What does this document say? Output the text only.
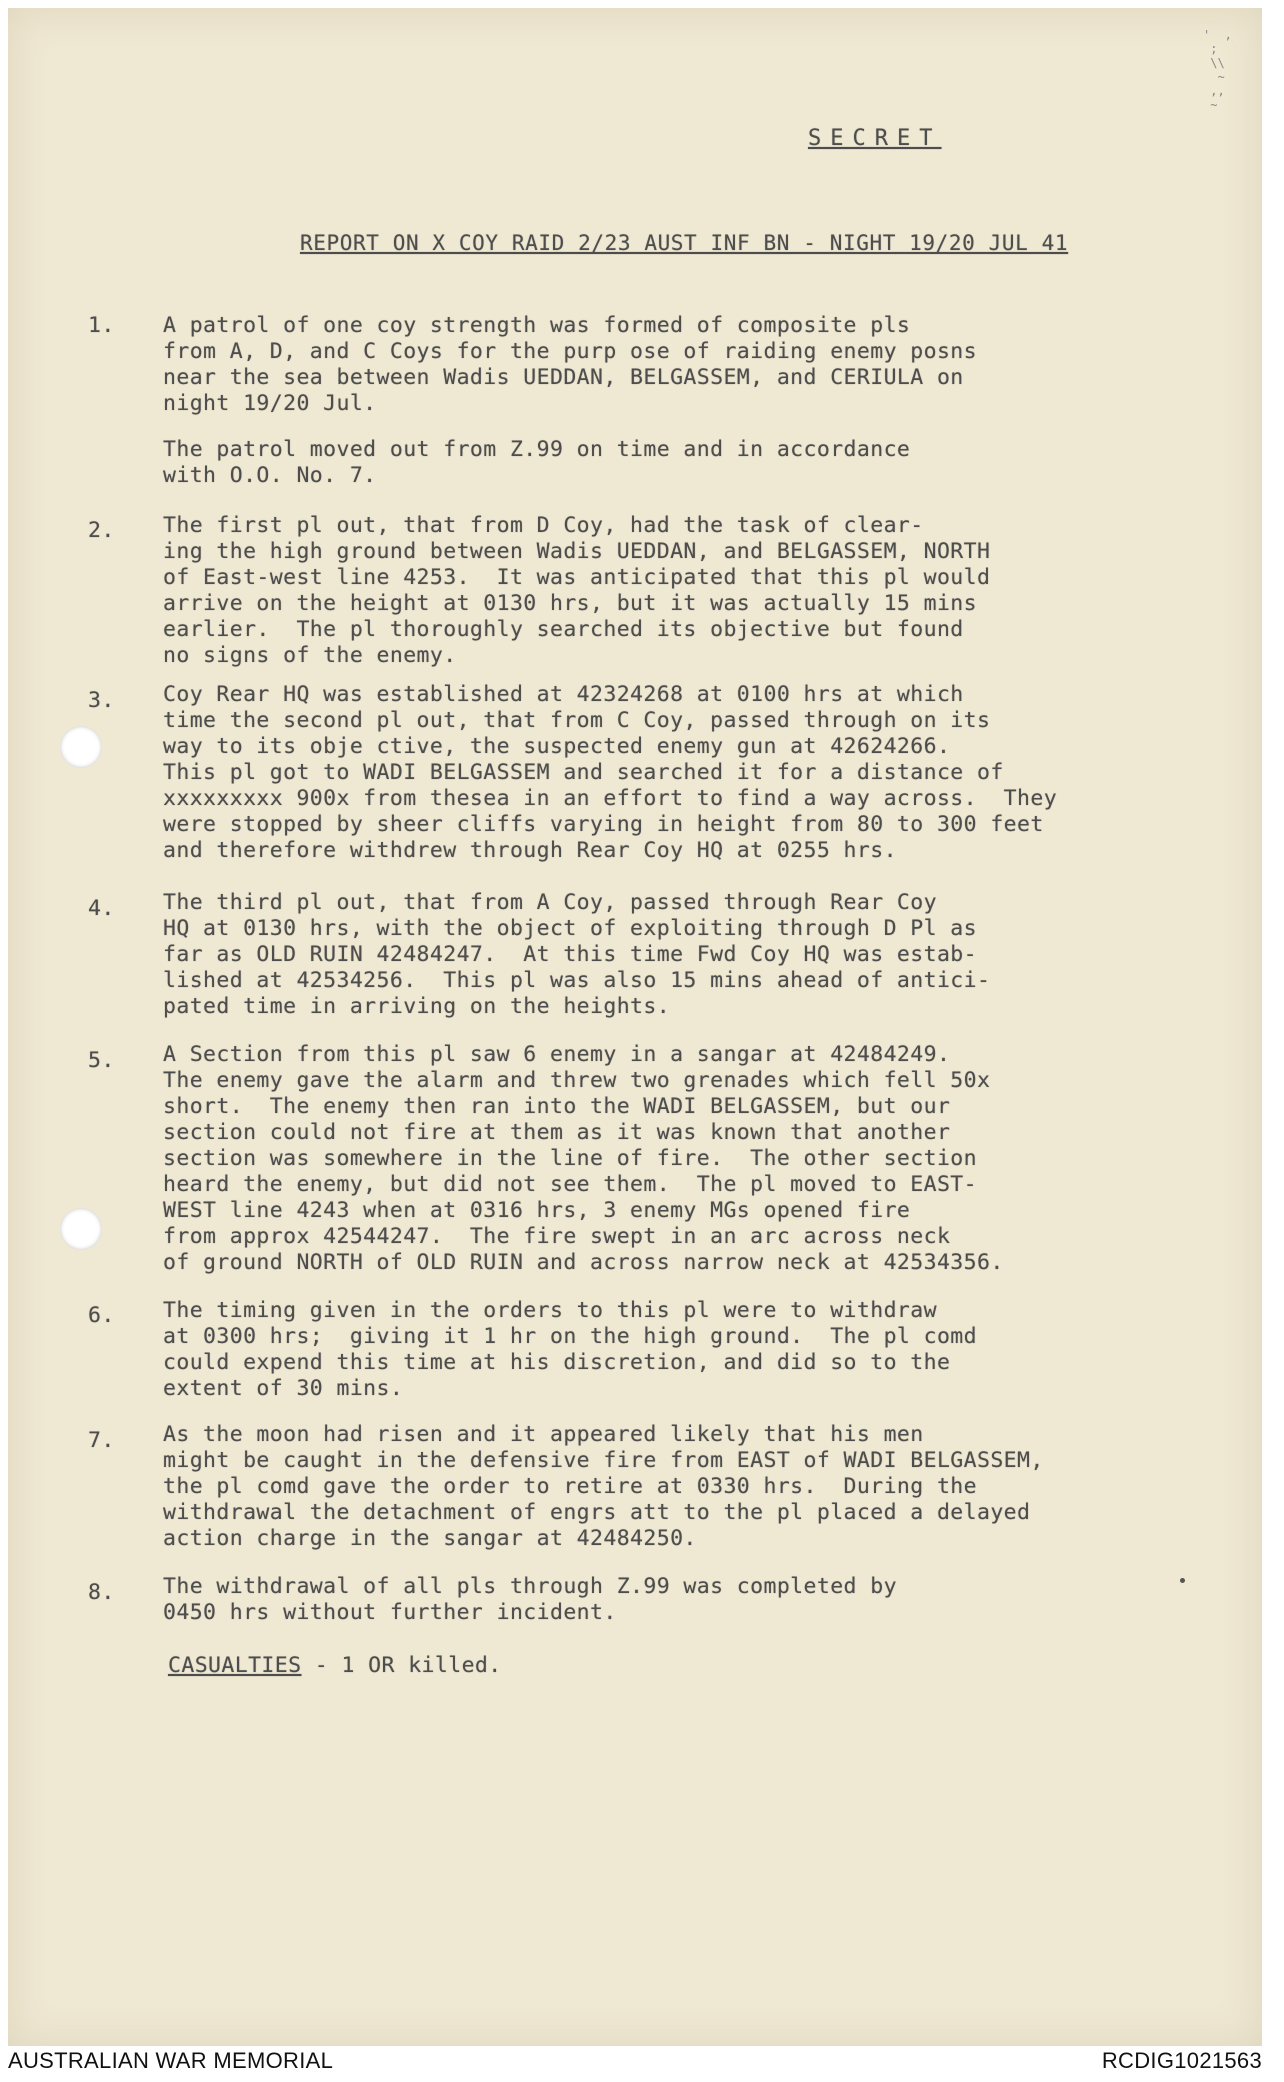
'  ,
;
\\
~
,,
~
SECRET
REPORT ON X COY RAID 2/23 AUST INF BN - NIGHT 19/20 JUL 41
1. A patrol of one coy strength was formed of composite pls
from A, D, and C Coys for the purp ose of raiding enemy posns
near the sea between Wadis UEDDAN, BELGASSEM, and CERIULA on
night 19/20 Jul.
The patrol moved out from Z.99 on time and in accordance
with O.O. No. 7.
2. The first pl out, that from D Coy, had the task of clear-
ing the high ground between Wadis UEDDAN, and BELGASSEM, NORTH
of East-west line 4253.  It was anticipated that this pl would
arrive on the height at 0130 hrs, but it was actually 15 mins
earlier.  The pl thoroughly searched its objective but found
no signs of the enemy.
3. Coy Rear HQ was established at 42324268 at 0100 hrs at which
time the second pl out, that from C Coy, passed through on its
way to its obje ctive, the suspected enemy gun at 42624266.
This pl got to WADI BELGASSEM and searched it for a distance of
xxxxxxxxx 900x from thesea in an effort to find a way across.  They
were stopped by sheer cliffs varying in height from 80 to 300 feet
and therefore withdrew through Rear Coy HQ at 0255 hrs.
4. The third pl out, that from A Coy, passed through Rear Coy
HQ at 0130 hrs, with the object of exploiting through D Pl as
far as OLD RUIN 42484247.  At this time Fwd Coy HQ was estab-
lished at 42534256.  This pl was also 15 mins ahead of antici-
pated time in arriving on the heights.
5. A Section from this pl saw 6 enemy in a sangar at 42484249.
The enemy gave the alarm and threw two grenades which fell 50x
short.  The enemy then ran into the WADI BELGASSEM, but our
section could not fire at them as it was known that another
section was somewhere in the line of fire.  The other section
heard the enemy, but did not see them.  The pl moved to EAST-
WEST line 4243 when at 0316 hrs, 3 enemy MGs opened fire
from approx 42544247.  The fire swept in an arc across neck
of ground NORTH of OLD RUIN and across narrow neck at 42534356.
6. The timing given in the orders to this pl were to withdraw
at 0300 hrs;  giving it 1 hr on the high ground.  The pl comd
could expend this time at his discretion, and did so to the
extent of 30 mins.
7. As the moon had risen and it appeared likely that his men
might be caught in the defensive fire from EAST of WADI BELGASSEM,
the pl comd gave the order to retire at 0330 hrs.  During the
withdrawal the detachment of engrs att to the pl placed a delayed
action charge in the sangar at 42484250.
8. The withdrawal of all pls through Z.99 was completed by
0450 hrs without further incident.
CASUALTIES - 1 OR killed.
AUSTRALIAN WAR MEMORIAL	RCDIG1021563
